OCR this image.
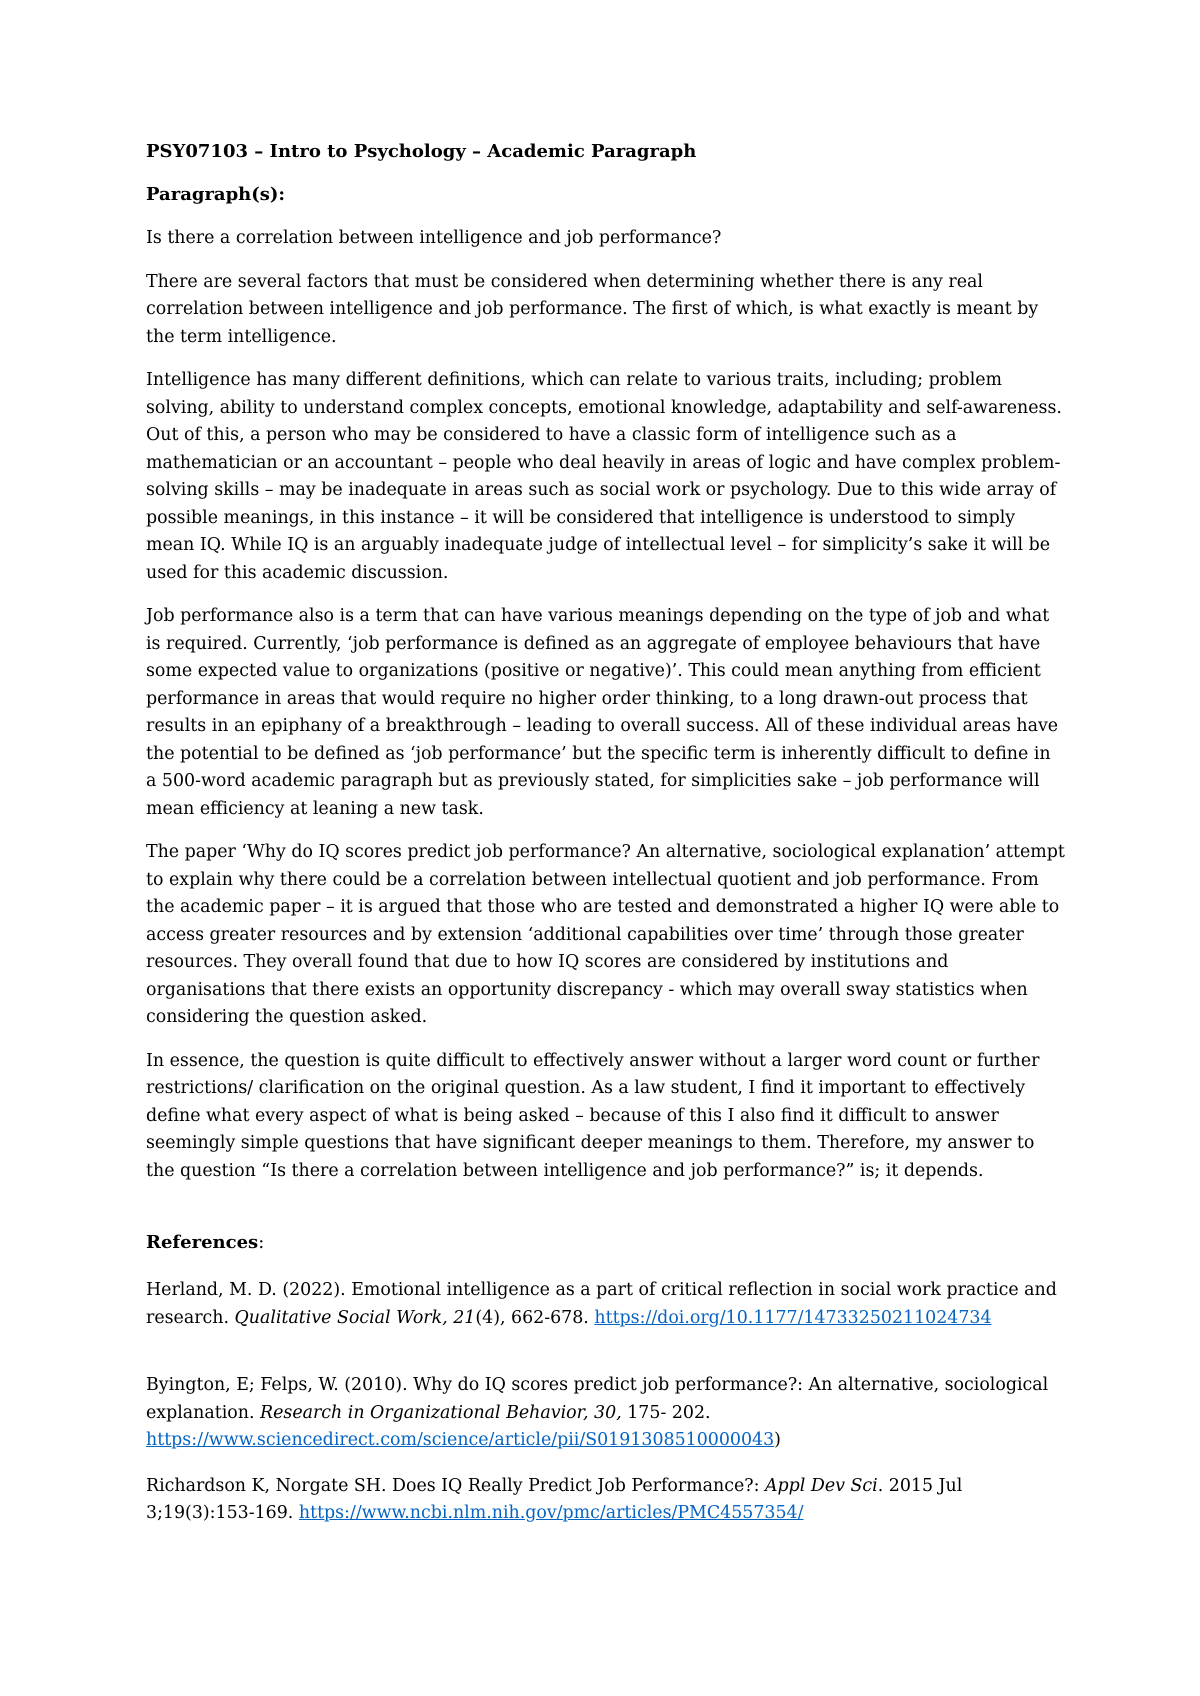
PSY07103 – Intro to Psychology – Academic Paragraph
Paragraph(s):

Is there a correlation between intelligence and job performance?

There are several factors that must be considered when determining whether there is any real correlation between intelligence and job performance. The first of which, is what exactly is meant by the term intelligence.

Intelligence has many different definitions, which can relate to various traits, including; problem solving, ability to understand complex concepts, emotional knowledge, adaptability and self-awareness. Out of this, a person who may be considered to have a classic form of intelligence such as a mathematician or an accountant – people who deal heavily in areas of logic and have complex problem-solving skills – may be inadequate in areas such as social work or psychology. Due to this wide array of possible meanings, in this instance – it will be considered that intelligence is understood to simply mean IQ. While IQ is an arguably inadequate judge of intellectual level – for simplicity’s sake it will be used for this academic discussion.

Job performance also is a term that can have various meanings depending on the type of job and what is required. Currently, ‘job performance is defined as an aggregate of employee behaviours that have some expected value to organizations (positive or negative)’. This could mean anything from efficient performance in areas that would require no higher order thinking, to a long drawn-out process that results in an epiphany of a breakthrough – leading to overall success. All of these individual areas have the potential to be defined as ‘job performance’ but the specific term is inherently difficult to define in a 500-word academic paragraph but as previously stated, for simplicities sake – job performance will mean efficiency at leaning a new task.

The paper ‘Why do IQ scores predict job performance? An alternative, sociological explanation’ attempt to explain why there could be a correlation between intellectual quotient and job performance. From the academic paper – it is argued that those who are tested and demonstrated a higher IQ were able to access greater resources and by extension ‘additional capabilities over time’ through those greater resources. They overall found that due to how IQ scores are considered by institutions and organisations that there exists an opportunity discrepancy - which may overall sway statistics when considering the question asked.

In essence, the question is quite difficult to effectively answer without a larger word count or further restrictions/ clarification on the original question. As a law student, I find it important to effectively define what every aspect of what is being asked – because of this I also find it difficult to answer seemingly simple questions that have significant deeper meanings to them. Therefore, my answer to the question “Is there a correlation between intelligence and job performance?” is; it depends.

References:

Herland, M. D. (2022). Emotional intelligence as a part of critical reflection in social work practice and research. Qualitative Social Work, 21(4), 662-678. https://doi.org/10.1177/14733250211024734

Byington, E; Felps, W. (2010). Why do IQ scores predict job performance?: An alternative, sociological explanation. Research in Organizational Behavior, 30, 175- 202. https://www.sciencedirect.com/science/article/pii/S0191308510000043)

Richardson K, Norgate SH. Does IQ Really Predict Job Performance?: Appl Dev Sci. 2015 Jul 3;19(3):153-169. https://www.ncbi.nlm.nih.gov/pmc/articles/PMC4557354/
